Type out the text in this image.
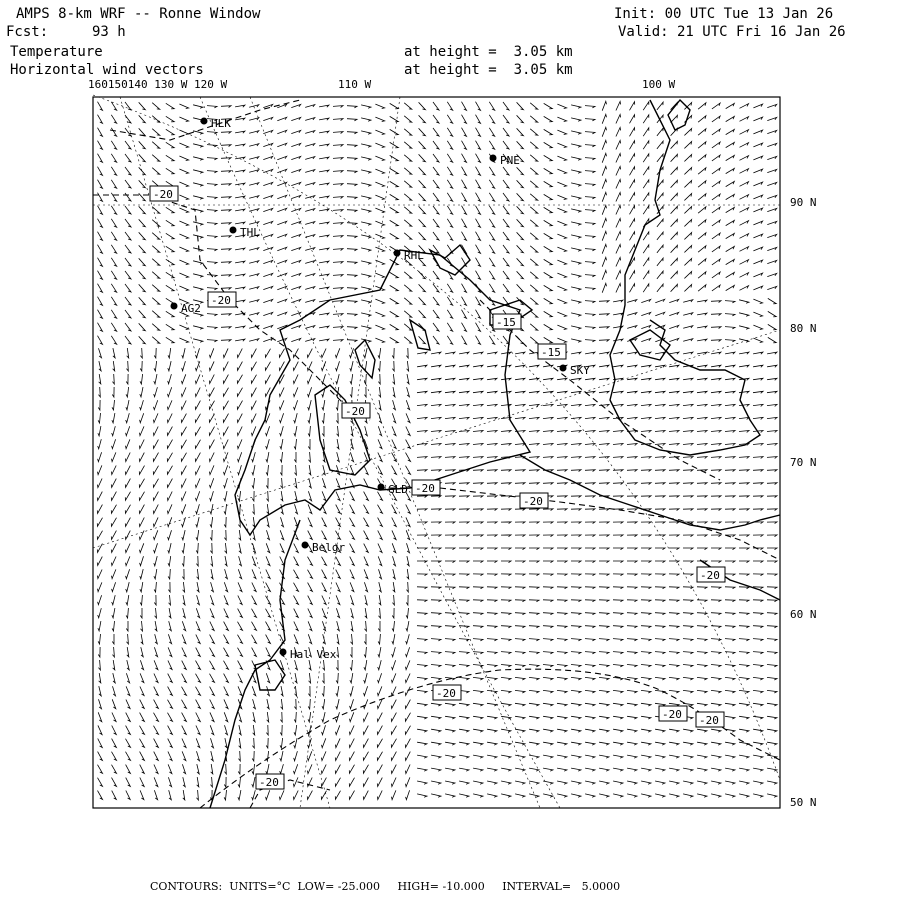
AMPS 8-km WRF -- Ronne Window	Init: 00 UTC Tue 13 Jan 26
Fcst:	93 h	Valid: 21 UTC Fri 16 Jan 26
Temperature
Horizontal wind vectors
at height =  3.05 km
at height =  3.05 km
160150140 130 W 120 W	110 W	100 W
90 N
80 N
70 N
60 N
50 N
-20
-20
-15
-15
-20
-20
-20
-20
-20
-20 -20
-20
HLK
PNE
THL
RHL
AG2
SKY
GLD
Belgr
Hal Vex
CONTOURS:  UNITS=°C  LOW= -25.000     HIGH= -10.000     INTERVAL=   5.0000
